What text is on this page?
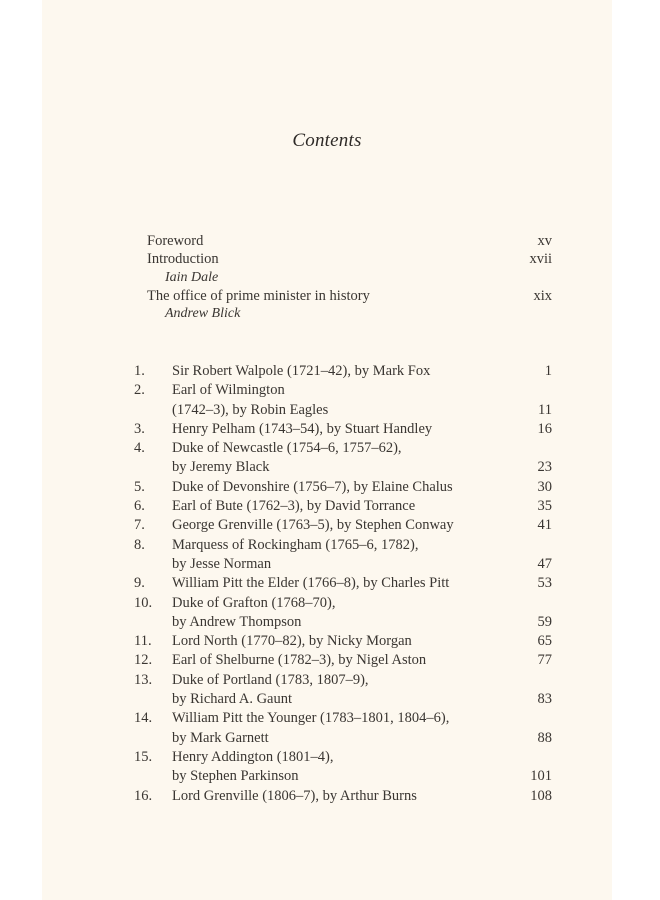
Contents
Foreword	xv
Introduction	xvii
Iain Dale
The office of prime minister in history	xix
Andrew Blick
1.	Sir Robert Walpole (1721–42), by Mark Fox	1
2.	Earl of Wilmington
(1742–3), by Robin Eagles	11
3.	Henry Pelham (1743–54), by Stuart Handley	16
4.	Duke of Newcastle (1754–6, 1757–62),
by Jeremy Black	23
5.	Duke of Devonshire (1756–7), by Elaine Chalus	30
6.	Earl of Bute (1762–3), by David Torrance	35
7.	George Grenville (1763–5), by Stephen Conway	41
8.	Marquess of Rockingham (1765–6, 1782),
by Jesse Norman	47
9.	William Pitt the Elder (1766–8), by Charles Pitt	53
10.	Duke of Grafton (1768–70),
by Andrew Thompson	59
11.	Lord North (1770–82), by Nicky Morgan	65
12.	Earl of Shelburne (1782–3), by Nigel Aston	77
13.	Duke of Portland (1783, 1807–9),
by Richard A. Gaunt	83
14.	William Pitt the Younger (1783–1801, 1804–6),
by Mark Garnett	88
15.	Henry Addington (1801–4),
by Stephen Parkinson	101
16.	Lord Grenville (1806–7), by Arthur Burns	108
